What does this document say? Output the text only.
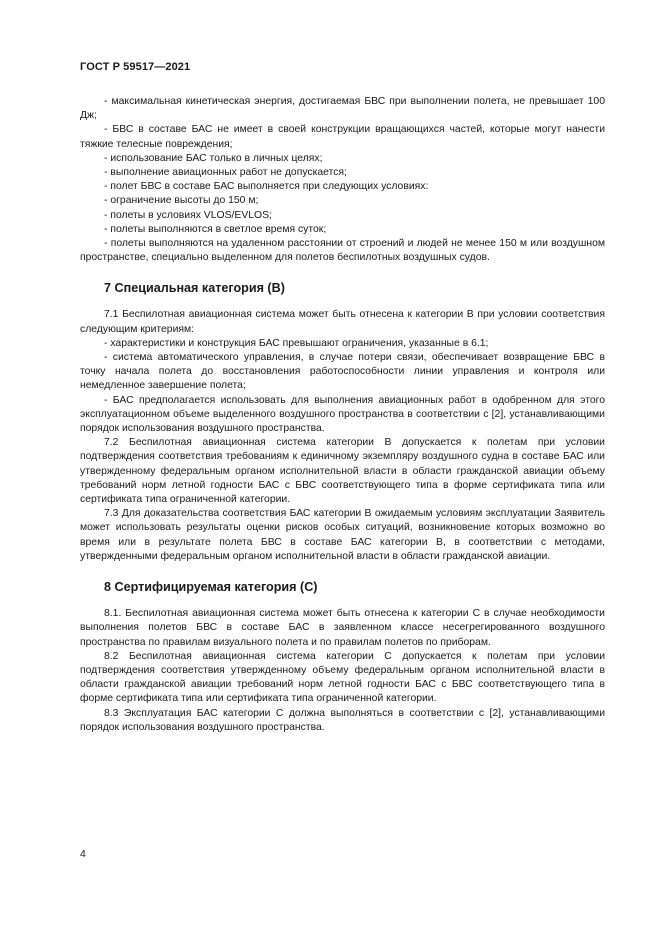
ГОСТ Р 59517—2021

- максимальная кинетическая энергия, достигаемая БВС при выполнении полета, не превышает 100 Дж;

- БВС в составе БАС не имеет в своей конструкции вращающихся частей, которые могут нанести тяжкие телесные повреждения;

- использование БАС только в личных целях;

- выполнение авиационных работ не допускается;

- полет БВС в составе БАС выполняется при следующих условиях:

- ограничение высоты до 150 м;

- полеты в условиях VLOS/EVLOS;

- полеты выполняются в светлое время суток;

- полеты выполняются на удаленном расстоянии от строений и людей не менее 150 м или воздушном пространстве, специально выделенном для полетов беспилотных воздушных судов.

7 Специальная категория (В)

7.1 Беспилотная авиационная система может быть отнесена к категории В при условии соответствия следующим критериям:

- характеристики и конструкция БАС превышают ограничения, указанные в 6.1;

- система автоматического управления, в случае потери связи, обеспечивает возвращение БВС в точку начала полета до восстановления работоспособности линии управления и контроля или немедленное завершение полета;

- БАС предполагается использовать для выполнения авиационных работ в одобренном для этого эксплуатационном объеме выделенного воздушного пространства в соответствии с [2], устанавливающими порядок использования воздушного пространства.

7.2 Беспилотная авиационная система категории В допускается к полетам при условии подтверждения соответствия требованиям к единичному экземпляру воздушного судна в составе БАС или утвержденному федеральным органом исполнительной власти в области гражданской авиации объему требований норм летной годности БАС с БВС соответствующего типа в форме сертификата типа или сертификата типа ограниченной категории.

7.3 Для доказательства соответствия БАС категории В ожидаемым условиям эксплуатации Заявитель может использовать результаты оценки рисков особых ситуаций, возникновение которых возможно во время или в результате полета БВС в составе БАС категории В, в соответствии с методами, утвержденными федеральным органом исполнительной власти в области гражданской авиации.

8 Сертифицируемая категория (С)

8.1. Беспилотная авиационная система может быть отнесена к категории С в случае необходимости выполнения полетов БВС в составе БАС в заявленном классе несегрегированного воздушного пространства по правилам визуального полета и по правилам полетов по приборам.

8.2 Беспилотная авиационная система категории С допускается к полетам при условии подтверждения соответствия утвержденному объему федеральным органом исполнительной власти в области гражданской авиации требований норм летной годности БАС с БВС соответствующего типа в форме сертификата типа или сертификата типа ограниченной категории.

8.3 Эксплуатация БАС категории С должна выполняться в соответствии с [2], устанавливающими порядок использования воздушного пространства.

4
